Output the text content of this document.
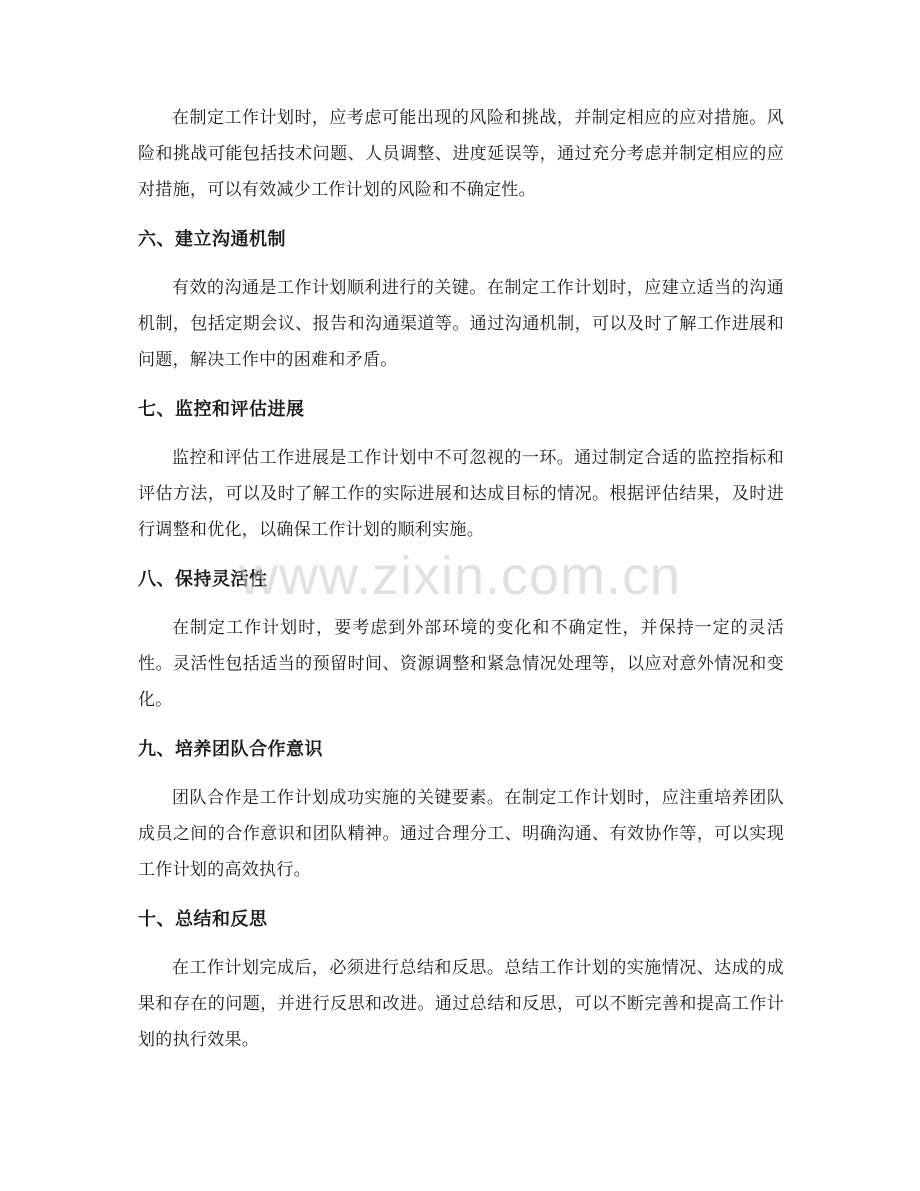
在制定工作计划时，应考虑可能出现的风险和挑战，并制定相应的应对措施。风险和挑战可能包括技术问题、人员调整、进度延误等，通过充分考虑并制定相应的应对措施，可以有效减少工作计划的风险和不确定性。

六、建立沟通机制

有效的沟通是工作计划顺利进行的关键。在制定工作计划时，应建立适当的沟通机制，包括定期会议、报告和沟通渠道等。通过沟通机制，可以及时了解工作进展和问题，解决工作中的困难和矛盾。

七、监控和评估进展

监控和评估工作进展是工作计划中不可忽视的一环。通过制定合适的监控指标和评估方法，可以及时了解工作的实际进展和达成目标的情况。根据评估结果，及时进行调整和优化，以确保工作计划的顺利实施。

八、保持灵活性

在制定工作计划时，要考虑到外部环境的变化和不确定性，并保持一定的灵活性。灵活性包括适当的预留时间、资源调整和紧急情况处理等，以应对意外情况和变化。

九、培养团队合作意识

团队合作是工作计划成功实施的关键要素。在制定工作计划时，应注重培养团队成员之间的合作意识和团队精神。通过合理分工、明确沟通、有效协作等，可以实现工作计划的高效执行。

十、总结和反思

在工作计划完成后，必须进行总结和反思。总结工作计划的实施情况、达成的成果和存在的问题，并进行反思和改进。通过总结和反思，可以不断完善和提高工作计划的执行效果。

www.zixin.com.cn
